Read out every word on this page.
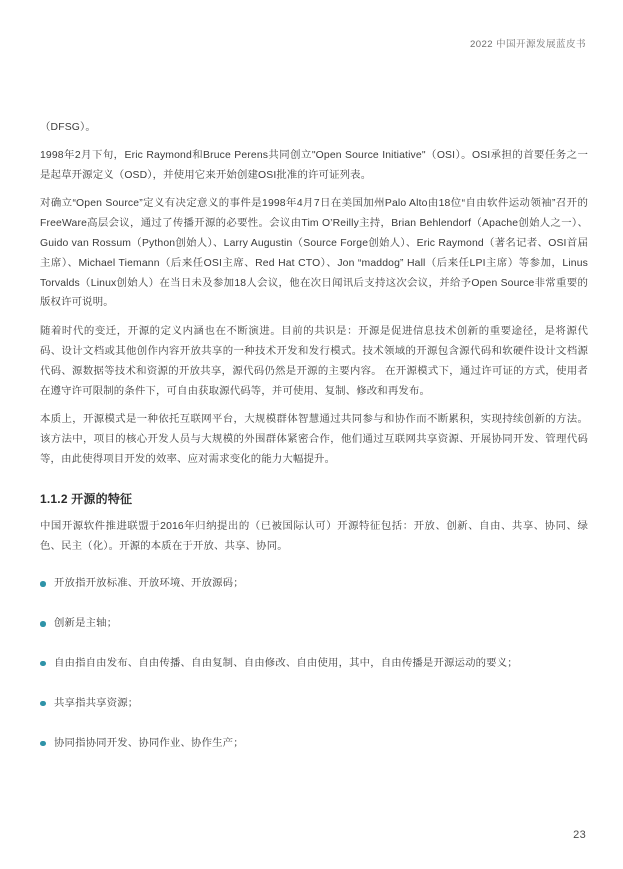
2022 中国开源发展蓝皮书

（DFSG）。

1998年2月下旬，Eric Raymond和Bruce Perens共同创立"Open Source Initiative"（OSI）。OSI承担的首要任务之一是起草开源定义（OSD），并使用它来开始创建OSI批准的许可证列表。

对确立“Open Source”定义有决定意义的事件是1998年4月7日在美国加州Palo Alto由18位“自由软件运动领袖”召开的FreeWare高层会议，通过了传播开源的必要性。会议由Tim O’Reilly主持，Brian Behlendorf（Apache创始人之一）、Guido van Rossum（Python创始人）、Larry Augustin（Source Forge创始人）、Eric Raymond（著名记者、OSI首届主席）、Michael Tiemann（后来任OSI主席、Red Hat CTO）、Jon “maddog” Hall（后来任LPI主席）等参加，Linus Torvalds（Linux创始人）在当日未及参加18人会议，他在次日闻讯后支持这次会议，并给予Open Source非常重要的版权许可说明。

随着时代的变迁，开源的定义内涵也在不断演进。目前的共识是：开源是促进信息技术创新的重要途径，是将源代码、设计文档或其他创作内容开放共享的一种技术开发和发行模式。技术领域的开源包含源代码和软硬件设计文档源代码、源数据等技术和资源的开放共享，源代码仍然是开源的主要内容。 在开源模式下，通过许可证的方式，使用者在遵守许可限制的条件下，可自由获取源代码等，并可使用、复制、修改和再发布。

本质上，开源模式是一种依托互联网平台，大规模群体智慧通过共同参与和协作而不断累积，实现持续创新的方法。该方法中，项目的核心开发人员与大规模的外围群体紧密合作，他们通过互联网共享资源、开展协同开发、管理代码等，由此使得项目开发的效率、应对需求变化的能力大幅提升。

1.1.2 开源的特征

中国开源软件推进联盟于2016年归纳提出的（已被国际认可）开源特征包括：开放、创新、自由、共享、协同、绿色、民主（化）。开源的本质在于开放、共享、协同。

开放指开放标准、开放环境、开放源码；
创新是主轴；
自由指自由发布、自由传播、自由复制、自由修改、自由使用，其中，自由传播是开源运动的要义；
共享指共享资源；
协同指协同开发、协同作业、协作生产；
23
